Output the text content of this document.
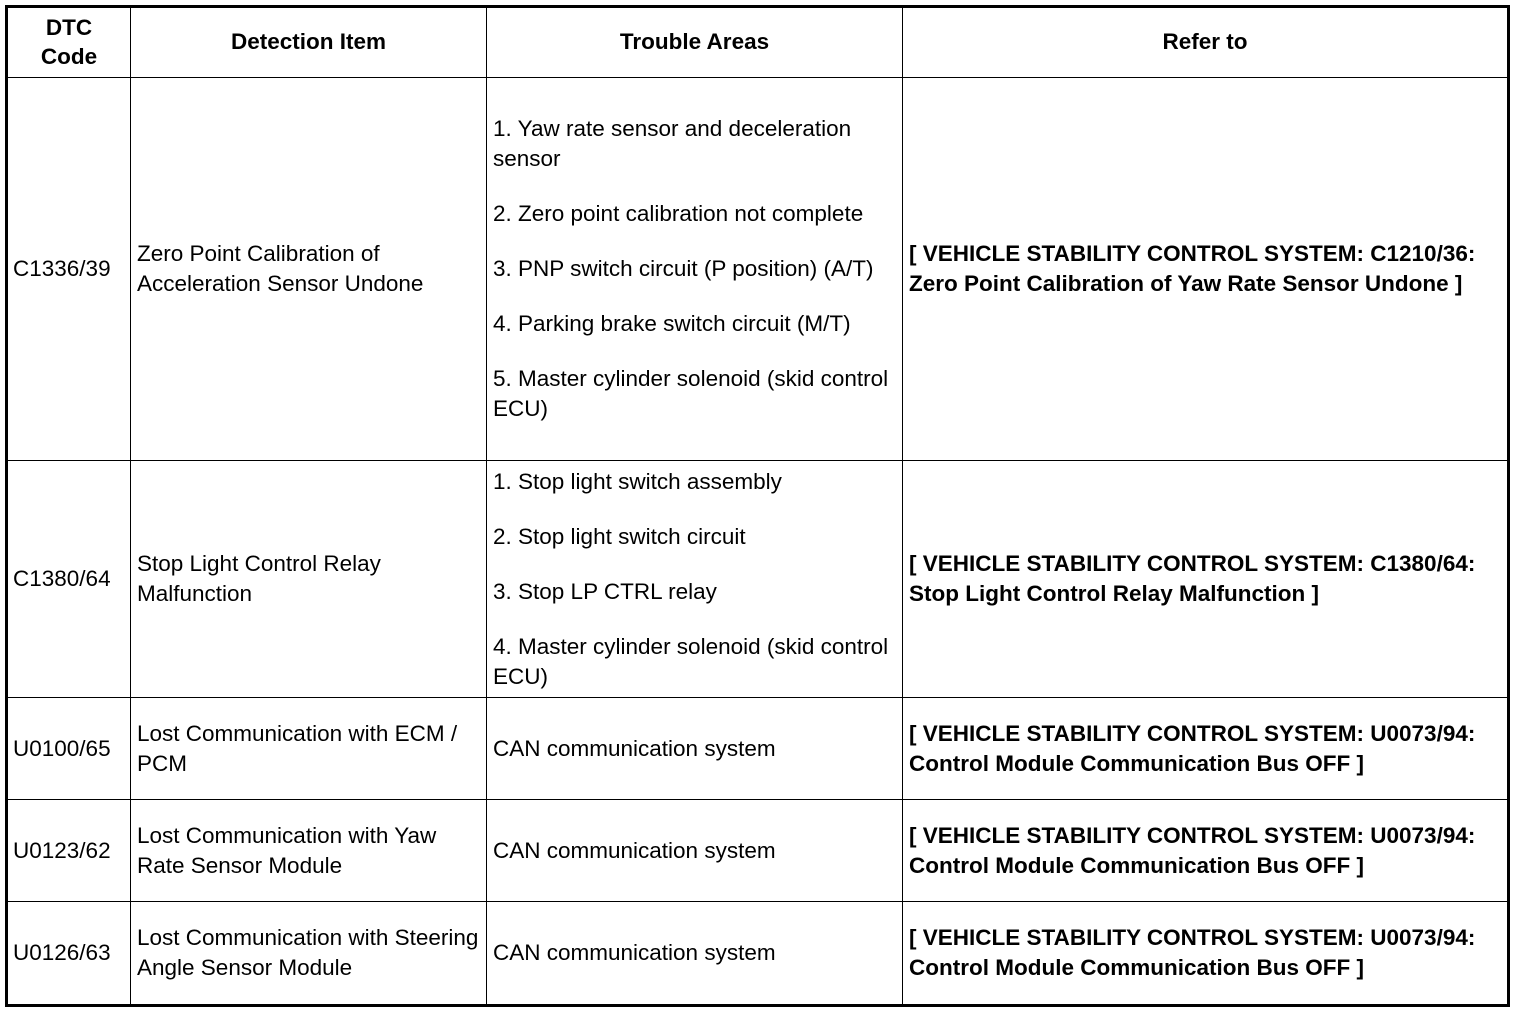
DTC
Code	Detection Item	Trouble Areas	Refer to
C1336/39	Zero Point Calibration of Acceleration Sensor Undone	1. Yaw rate sensor and deceleration sensor
2. Zero point calibration not complete
3. PNP switch circuit (P position) (A/T)
4. Parking brake switch circuit (M/T)
5. Master cylinder solenoid (skid control ECU)	[ VEHICLE STABILITY CONTROL SYSTEM: C1210/36: Zero Point Calibration of Yaw Rate Sensor Undone ]
C1380/64	Stop Light Control Relay Malfunction	1. Stop light switch assembly
2. Stop light switch circuit
3. Stop LP CTRL relay
4. Master cylinder solenoid (skid control ECU)	[ VEHICLE STABILITY CONTROL SYSTEM: C1380/64: Stop Light Control Relay Malfunction ]
U0100/65	Lost Communication with ECM / PCM	CAN communication system	[ VEHICLE STABILITY CONTROL SYSTEM: U0073/94: Control Module Communication Bus OFF ]
U0123/62	Lost Communication with Yaw Rate Sensor Module	CAN communication system	[ VEHICLE STABILITY CONTROL SYSTEM: U0073/94: Control Module Communication Bus OFF ]
U0126/63	Lost Communication with Steering Angle Sensor Module	CAN communication system	[ VEHICLE STABILITY CONTROL SYSTEM: U0073/94: Control Module Communication Bus OFF ]
